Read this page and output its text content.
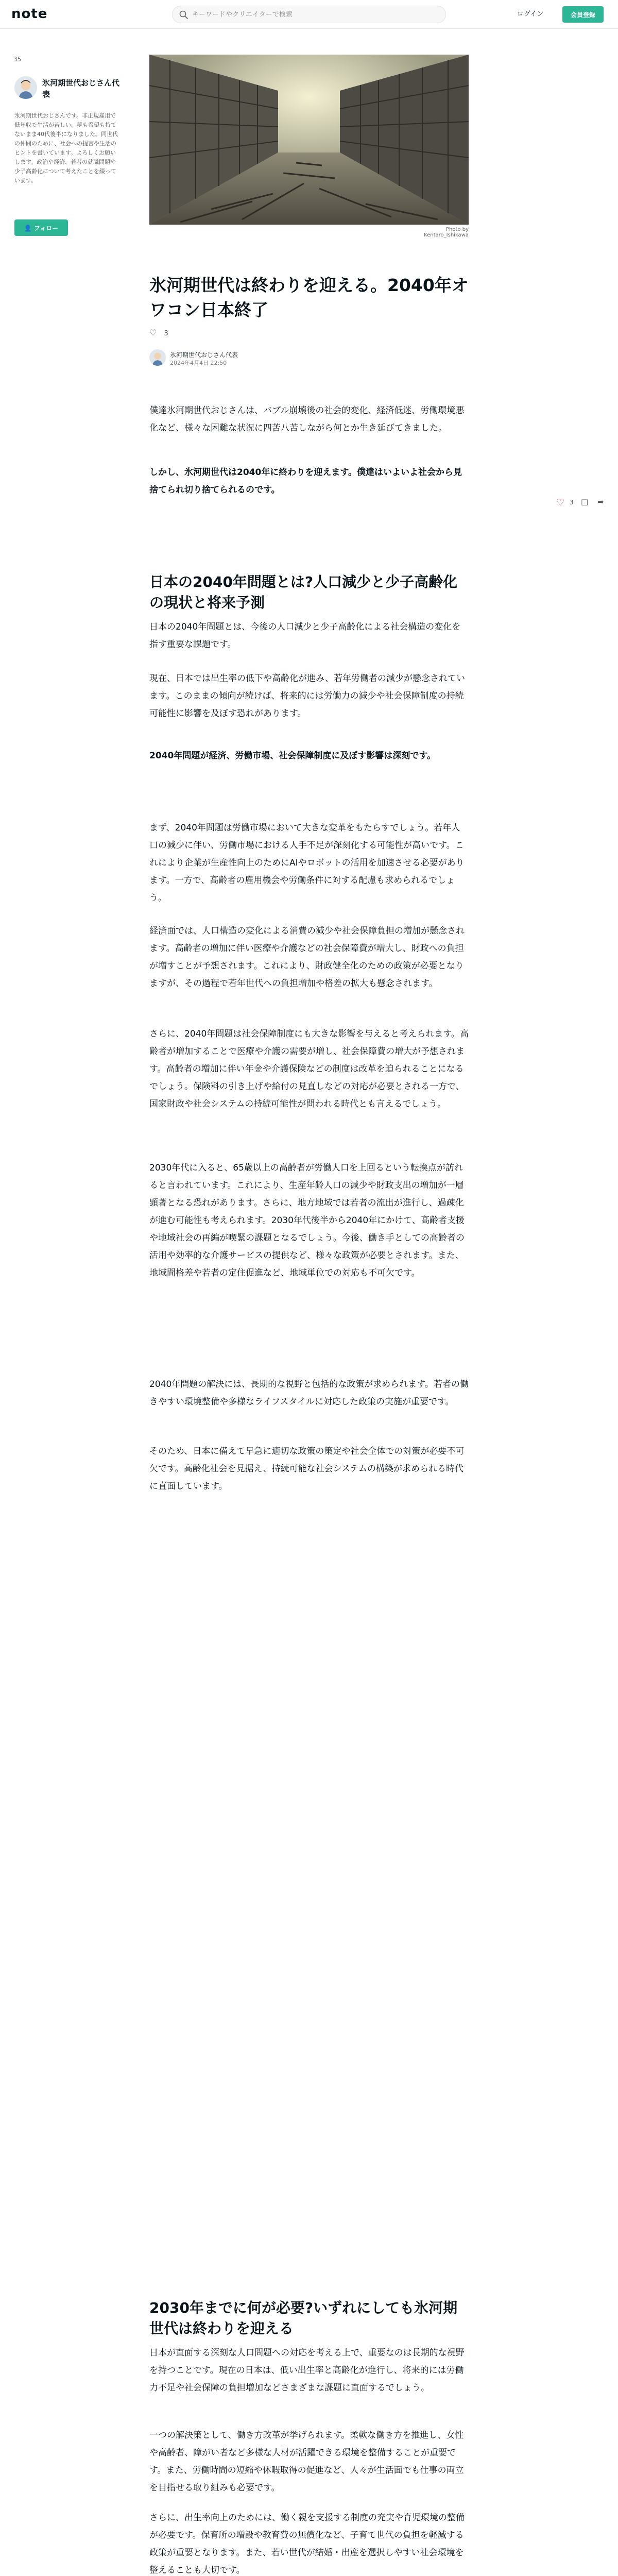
note
キーワードやクリエイターで検索	ログイン	会員登録
35
氷河期世代おじさん代表
氷河期世代おじさんです。非正規雇用で低年収で生活が苦しい。夢も希望も持てないまま40代後半になりました。同世代の仲間のために、社会への提言や生活のヒントを書いています。よろしくお願いします。政治や経済、若者の就職問題や少子高齢化について考えたことを綴っています。
👤 フォロー	Photo by Kentaro_Ishikawa
氷河期世代は終わりを迎える。2040年オワコン日本終了
♡ 3
氷河期世代おじさん代表
2024年4月4日 22:50
♡ 3 □	➦

僕達氷河期世代おじさんは、バブル崩壊後の社会的変化、経済低迷、労働環境悪化など、様々な困難な状況に四苦八苦しながら何とか生き延びてきました。

しかし、氷河期世代は2040年に終わりを迎えます。僕達はいよいよ社会から見捨てられ切り捨てられるのです。

日本の2040年問題とは?人口減少と少子高齢化の現状と将来予測

日本の2040年問題とは、今後の人口減少と少子高齢化による社会構造の変化を指す重要な課題です。

現在、日本では出生率の低下や高齢化が進み、若年労働者の減少が懸念されています。このままの傾向が続けば、将来的には労働力の減少や社会保障制度の持続可能性に影響を及ぼす恐れがあります。

2040年問題が経済、労働市場、社会保障制度に及ぼす影響は深刻です。

まず、2040年問題は労働市場において大きな変革をもたらすでしょう。若年人口の減少に伴い、労働市場における人手不足が深刻化する可能性が高いです。これにより企業が生産性向上のためにAIやロボットの活用を加速させる必要があります。一方で、高齢者の雇用機会や労働条件に対する配慮も求められるでしょう。

経済面では、人口構造の変化による消費の減少や社会保障負担の増加が懸念されます。高齢者の増加に伴い医療や介護などの社会保障費が増大し、財政への負担が増すことが予想されます。これにより、財政健全化のための政策が必要となりますが、その過程で若年世代への負担増加や格差の拡大も懸念されます。

さらに、2040年問題は社会保障制度にも大きな影響を与えると考えられます。高齢者が増加することで医療や介護の需要が増し、社会保障費の増大が予想されます。高齢者の増加に伴い年金や介護保険などの制度は改革を迫られることになるでしょう。保険料の引き上げや給付の見直しなどの対応が必要とされる一方で、国家財政や社会システムの持続可能性が問われる時代とも言えるでしょう。

2030年代に入ると、65歳以上の高齢者が労働人口を上回るという転換点が訪れると言われています。これにより、生産年齢人口の減少や財政支出の増加が一層顕著となる恐れがあります。さらに、地方地域では若者の流出が進行し、過疎化が進む可能性も考えられます。2030年代後半から2040年にかけて、高齢者支援や地域社会の再編が喫緊の課題となるでしょう。今後、働き手としての高齢者の活用や効率的な介護サービスの提供など、様々な政策が必要とされます。また、地域間格差や若者の定住促進など、地域単位での対応も不可欠です。

2040年問題の解決には、長期的な視野と包括的な政策が求められます。若者の働きやすい環境整備や多様なライフスタイルに対応した政策の実施が重要です。

そのため、日本に備えて早急に適切な政策の策定や社会全体での対策が必要不可欠です。高齢化社会を見据え、持続可能な社会システムの構築が求められる時代に直面しています。

2030年までに何が必要?いずれにしても氷河期世代は終わりを迎える

日本が直面する深刻な人口問題への対応を考える上で、重要なのは長期的な視野を持つことです。現在の日本は、低い出生率と高齢化が進行し、将来的には労働力不足や社会保障の負担増加などさまざまな課題に直面するでしょう。

一つの解決策として、働き方改革が挙げられます。柔軟な働き方を推進し、女性や高齢者、障がい者など多様な人材が活躍できる環境を整備することが重要です。また、労働時間の短縮や休暇取得の促進など、人々が生活面でも仕事の両立を目指せる取り組みも必要です。

さらに、出生率向上のためには、働く親を支援する制度の充実や育児環境の整備が必要です。保育所の増設や教育費の無償化など、子育て世代の負担を軽減する政策が重要となります。また、若い世代が結婚・出産を選択しやすい社会環境を整えることも大切です。
